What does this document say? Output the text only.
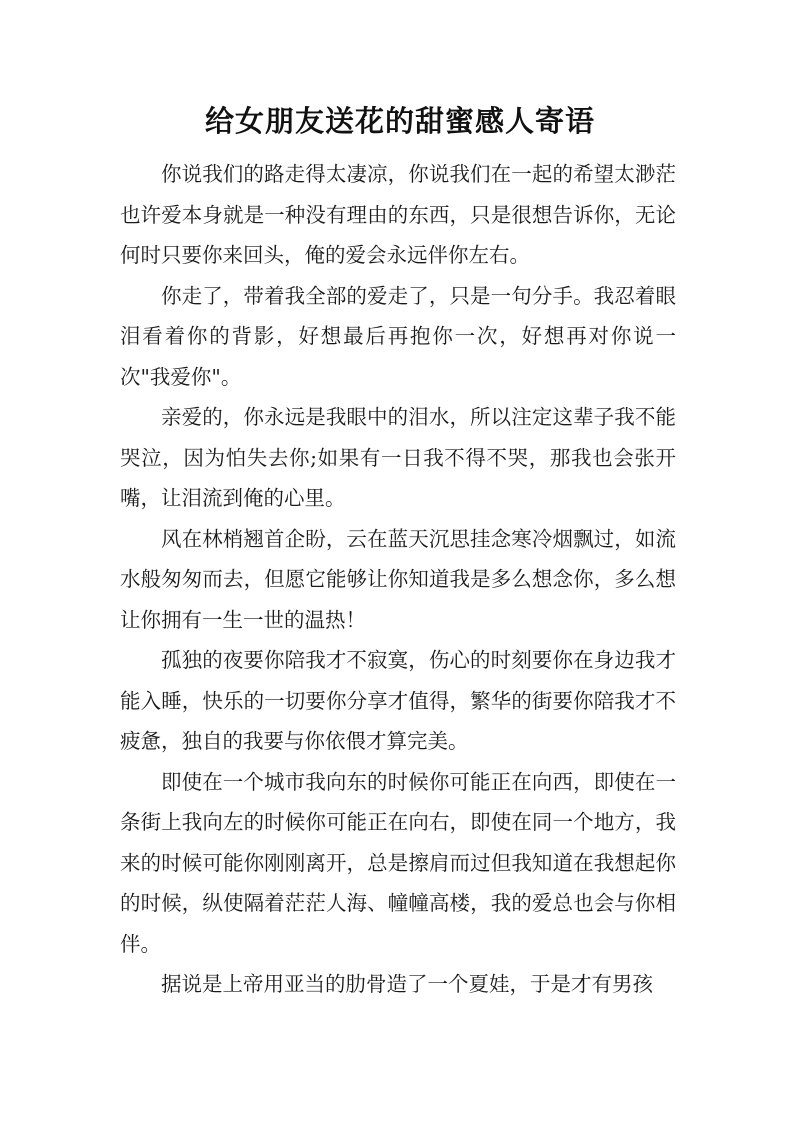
给女朋友送花的甜蜜感人寄语

你说我们的路走得太凄凉，你说我们在一起的希望太渺茫也许爱本身就是一种没有理由的东西，只是很想告诉你，无论何时只要你来回头，俺的爱会永远伴你左右。

你走了，带着我全部的爱走了，只是一句分手。我忍着眼泪看着你的背影，好想最后再抱你一次，好想再对你说一次"我爱你"。

亲爱的，你永远是我眼中的泪水，所以注定这辈子我不能哭泣，因为怕失去你;如果有一日我不得不哭，那我也会张开嘴，让泪流到俺的心里。

风在林梢翘首企盼，云在蓝天沉思挂念寒冷烟飘过，如流水般匆匆而去，但愿它能够让你知道我是多么想念你，多么想让你拥有一生一世的温热！

孤独的夜要你陪我才不寂寞，伤心的时刻要你在身边我才能入睡，快乐的一切要你分享才值得，繁华的街要你陪我才不疲惫，独自的我要与你依偎才算完美。

即使在一个城市我向东的时候你可能正在向西，即使在一条街上我向左的时候你可能正在向右，即使在同一个地方，我来的时候可能你刚刚离开，总是擦肩而过但我知道在我想起你的时候，纵使隔着茫茫人海、幢幢高楼，我的爱总也会与你相伴。

据说是上帝用亚当的肋骨造了一个夏娃，于是才有男孩
